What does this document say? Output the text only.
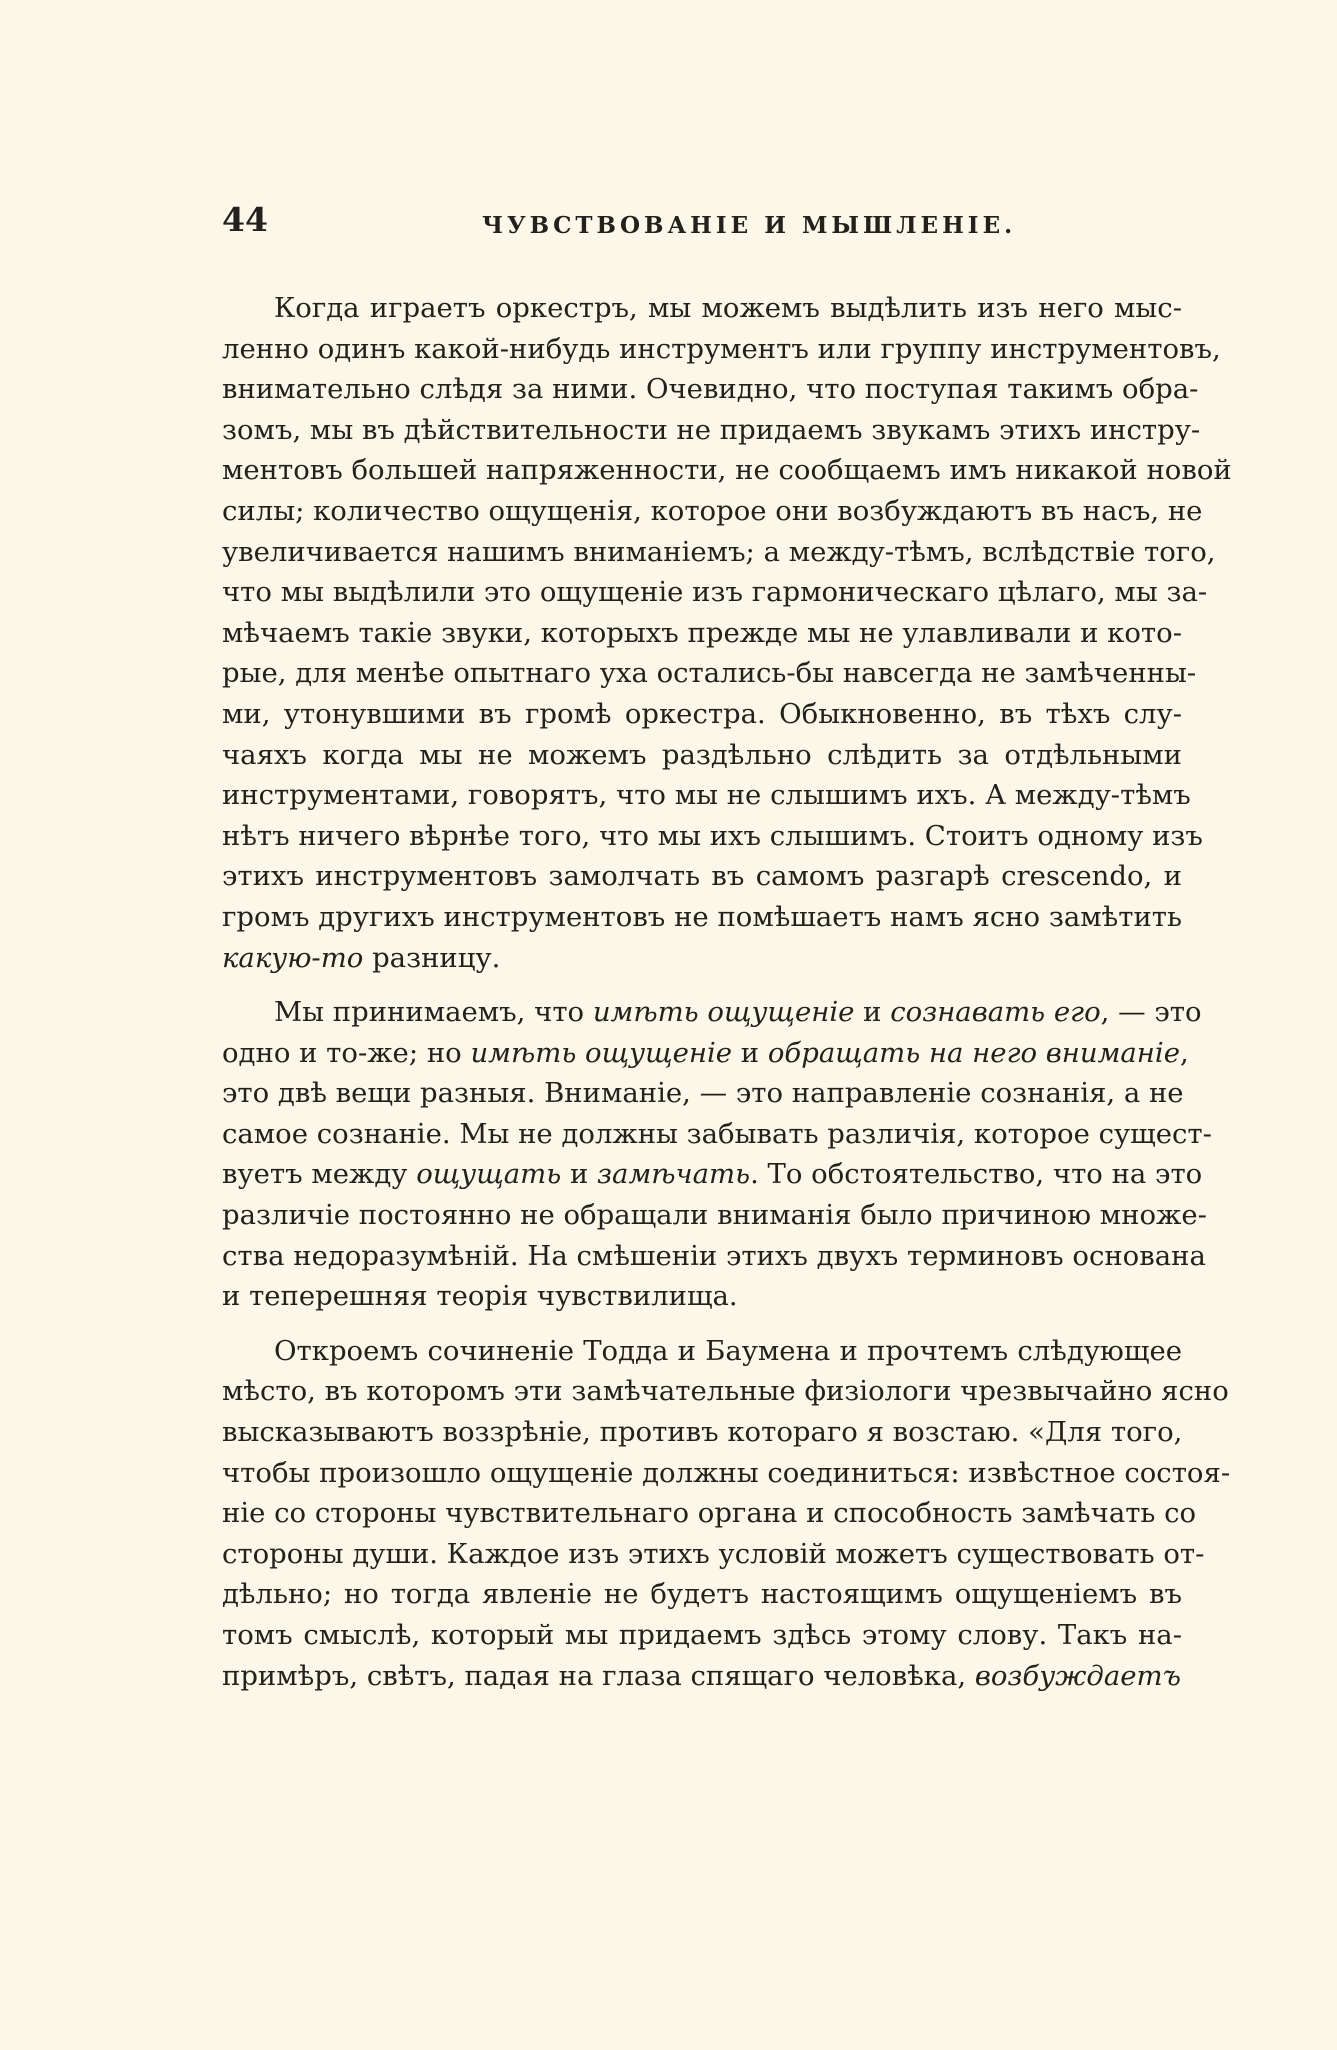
44	ЧУВСТВОВАНІЕ И МЫШЛЕНІЕ.
Когда играетъ оркестръ, мы можемъ выдѣлить изъ него мыс-
ленно одинъ какой-нибудь инструментъ или группу инструментовъ,
внимательно слѣдя за ними. Очевидно, что поступая такимъ обра-
зомъ, мы въ дѣйствительности не придаемъ звукамъ этихъ инстру-
ментовъ большей напряженности, не сообщаемъ имъ никакой новой
силы; количество ощущенія, которое они возбуждаютъ въ насъ, не
увеличивается нашимъ вниманіемъ; а между-тѣмъ, вслѣдствіе того,
что мы выдѣлили это ощущеніе изъ гармоническаго цѣлаго, мы за-
мѣчаемъ такіе звуки, которыхъ прежде мы не улавливали и кото-
рые, для менѣе опытнаго уха остались-бы навсегда не замѣченны-
ми, утонувшими въ громѣ оркестра. Обыкновенно, въ тѣхъ слу-
чаяхъ когда мы не можемъ раздѣльно слѣдить за отдѣльными
инструментами, говорятъ, что мы не слышимъ ихъ. А между-тѣмъ
нѣтъ ничего вѣрнѣе того, что мы ихъ слышимъ. Стоитъ одному изъ
этихъ инструментовъ замолчать въ самомъ разгарѣ crescendo, и
громъ другихъ инструментовъ не помѣшаетъ намъ ясно замѣтить
какую-то разницу.
Мы принимаемъ, что имѣть ощущеніе и сознавать его, — это
одно и то-же; но имѣть ощущеніе и обращать на него вниманіе,
это двѣ вещи разныя. Вниманіе, — это направленіе сознанія, а не
самое сознаніе. Мы не должны забывать различія, которое сущест-
вуетъ между ощущать и замѣчать. То обстоятельство, что на это
различіе постоянно не обращали вниманія было причиною множе-
ства недоразумѣній. На смѣшеніи этихъ двухъ терминовъ основана
и теперешняя теорія чувствилища.
Откроемъ сочиненіе Тодда и Баумена и прочтемъ слѣдующее
мѣсто, въ которомъ эти замѣчательные физіологи чрезвычайно ясно
высказываютъ воззрѣніе, противъ котораго я возстаю. «Для того,
чтобы произошло ощущеніе должны соединиться: извѣстное состоя-
ніе со стороны чувствительнаго органа и способность замѣчать со
стороны души. Каждое изъ этихъ условій можетъ существовать от-
дѣльно; но тогда явленіе не будетъ настоящимъ ощущеніемъ въ
томъ смыслѣ, который мы придаемъ здѣсь этому слову. Такъ на-
примѣръ, свѣтъ, падая на глаза спящаго человѣка, возбуждаетъ
